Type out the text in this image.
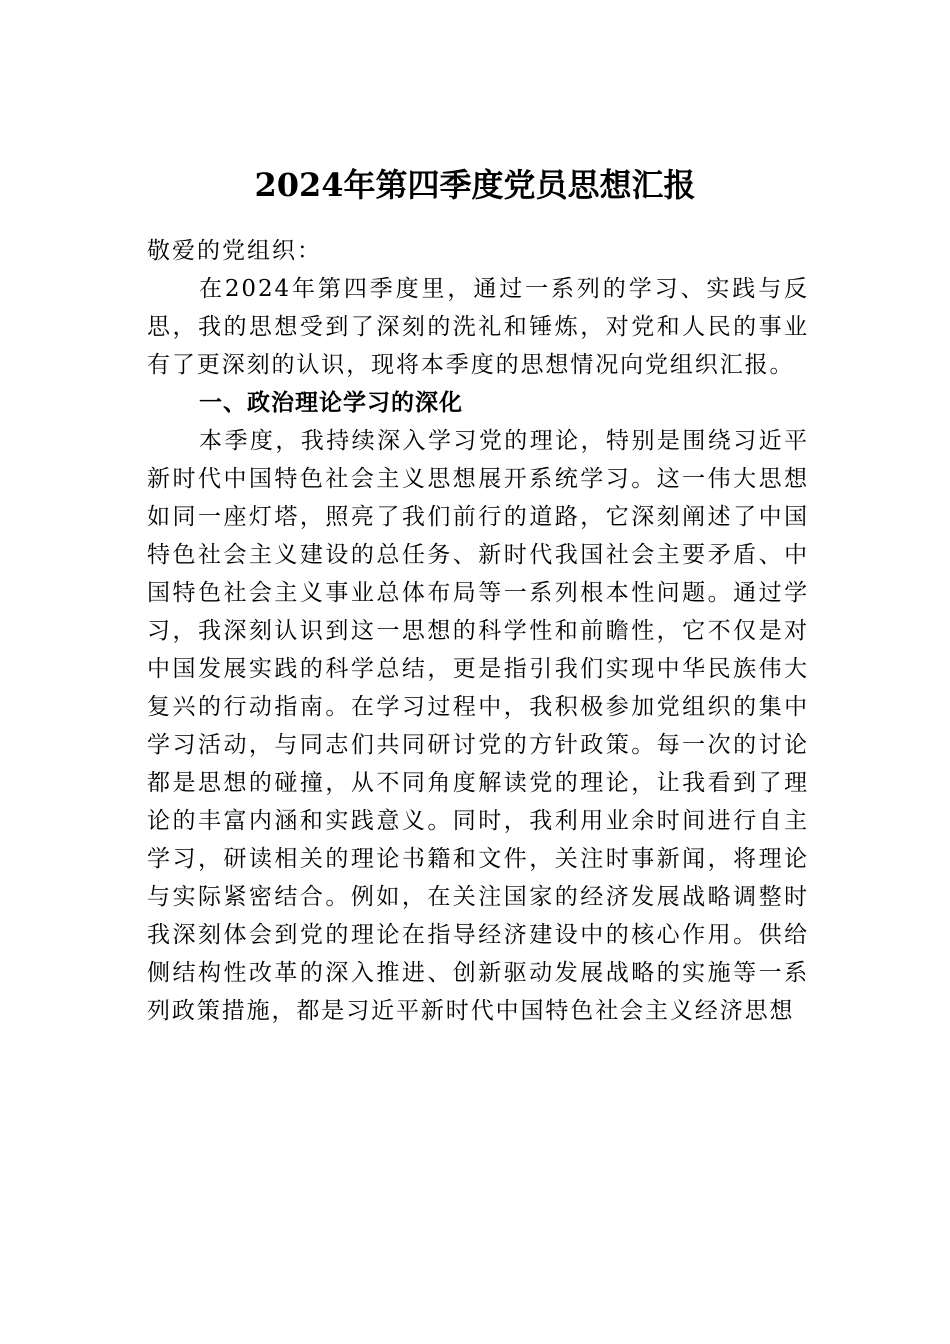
2024年第四季度党员思想汇报

敬爱的党组织：

在2024年第四季度里，通过一系列的学习、实践与反思，我的思想受到了深刻的洗礼和锤炼，对党和人民的事业有了更深刻的认识，现将本季度的思想情况向党组织汇报。

一、政治理论学习的深化

本季度，我持续深入学习党的理论，特别是围绕习近平新时代中国特色社会主义思想展开系统学习。这一伟大思想如同一座灯塔，照亮了我们前行的道路，它深刻阐述了中国特色社会主义建设的总任务、新时代我国社会主要矛盾、中国特色社会主义事业总体布局等一系列根本性问题。通过学习，我深刻认识到这一思想的科学性和前瞻性，它不仅是对中国发展实践的科学总结，更是指引我们实现中华民族伟大复兴的行动指南。在学习过程中，我积极参加党组织的集中学习活动，与同志们共同研讨党的方针政策。每一次的讨论都是思想的碰撞，从不同角度解读党的理论，让我看到了理论的丰富内涵和实践意义。同时，我利用业余时间进行自主学习，研读相关的理论书籍和文件，关注时事新闻，将理论与实际紧密结合。例如，在关注国家的经济发展战略调整时我深刻体会到党的理论在指导经济建设中的核心作用。供给侧结构性改革的深入推进、创新驱动发展战略的实施等一系列政策措施，都是习近平新时代中国特色社会主义经济思想
